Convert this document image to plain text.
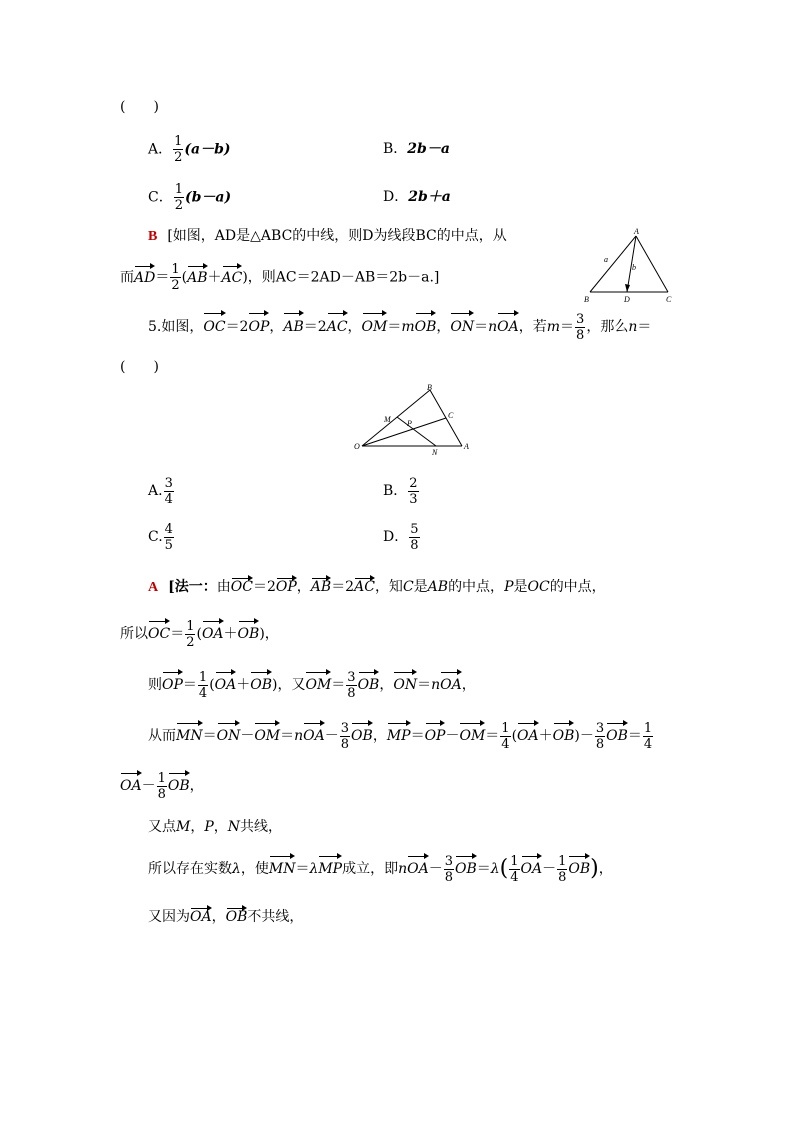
(　　)
A． $\frac{1}{2} (a-b)$	B．2b－a
C． $\frac{1}{2} (b-a)$	D．2b＋a
B [如图，AD是△ABC的中线，则D为线段BC的中点，从
而$AD= \frac{1}{2} (AB+AC)$，则AC＝2AD－AB＝2b－a.]
A
a
b
B	D	C
5.如图，OC＝2OP，AB＝2AC，OM＝mOB，ON＝nOA，若$m= \frac{3}{8}$ ，那么n＝
(　　)
B
M	C
P
O
N
A
A. $\frac{3}{4}$	B． $\frac{2}{3}$
C. $\frac{4}{5}$	D． $\frac{5}{8}$
A [法一：由OC＝2OP，AB＝2AC，知C是AB的中点，P是OC的中点，
所以$OC= \frac{1}{2} (OA+OB)$，
则$OP= \frac{1}{4} (OA+OB)$，又$OM= \frac{3}{8}$ OB，ON＝nOA，
从而$MN=ON-OM=nOA- \frac{3}{8}$ OB，$MP=OP-OM= \frac{1}{4} (OA+OB)- \frac{3}{8} OB= \frac{1}{4}$
$OA- \frac{1}{8}$ OB，
又点M，P，N共线，
所以存在实数λ，使MN＝λMP成立，即$nOA- \frac{3}{8} OB=\lambda( \frac{1}{4} OA- \frac{1}{8} OB)$，
又因为OA，OB不共线，
